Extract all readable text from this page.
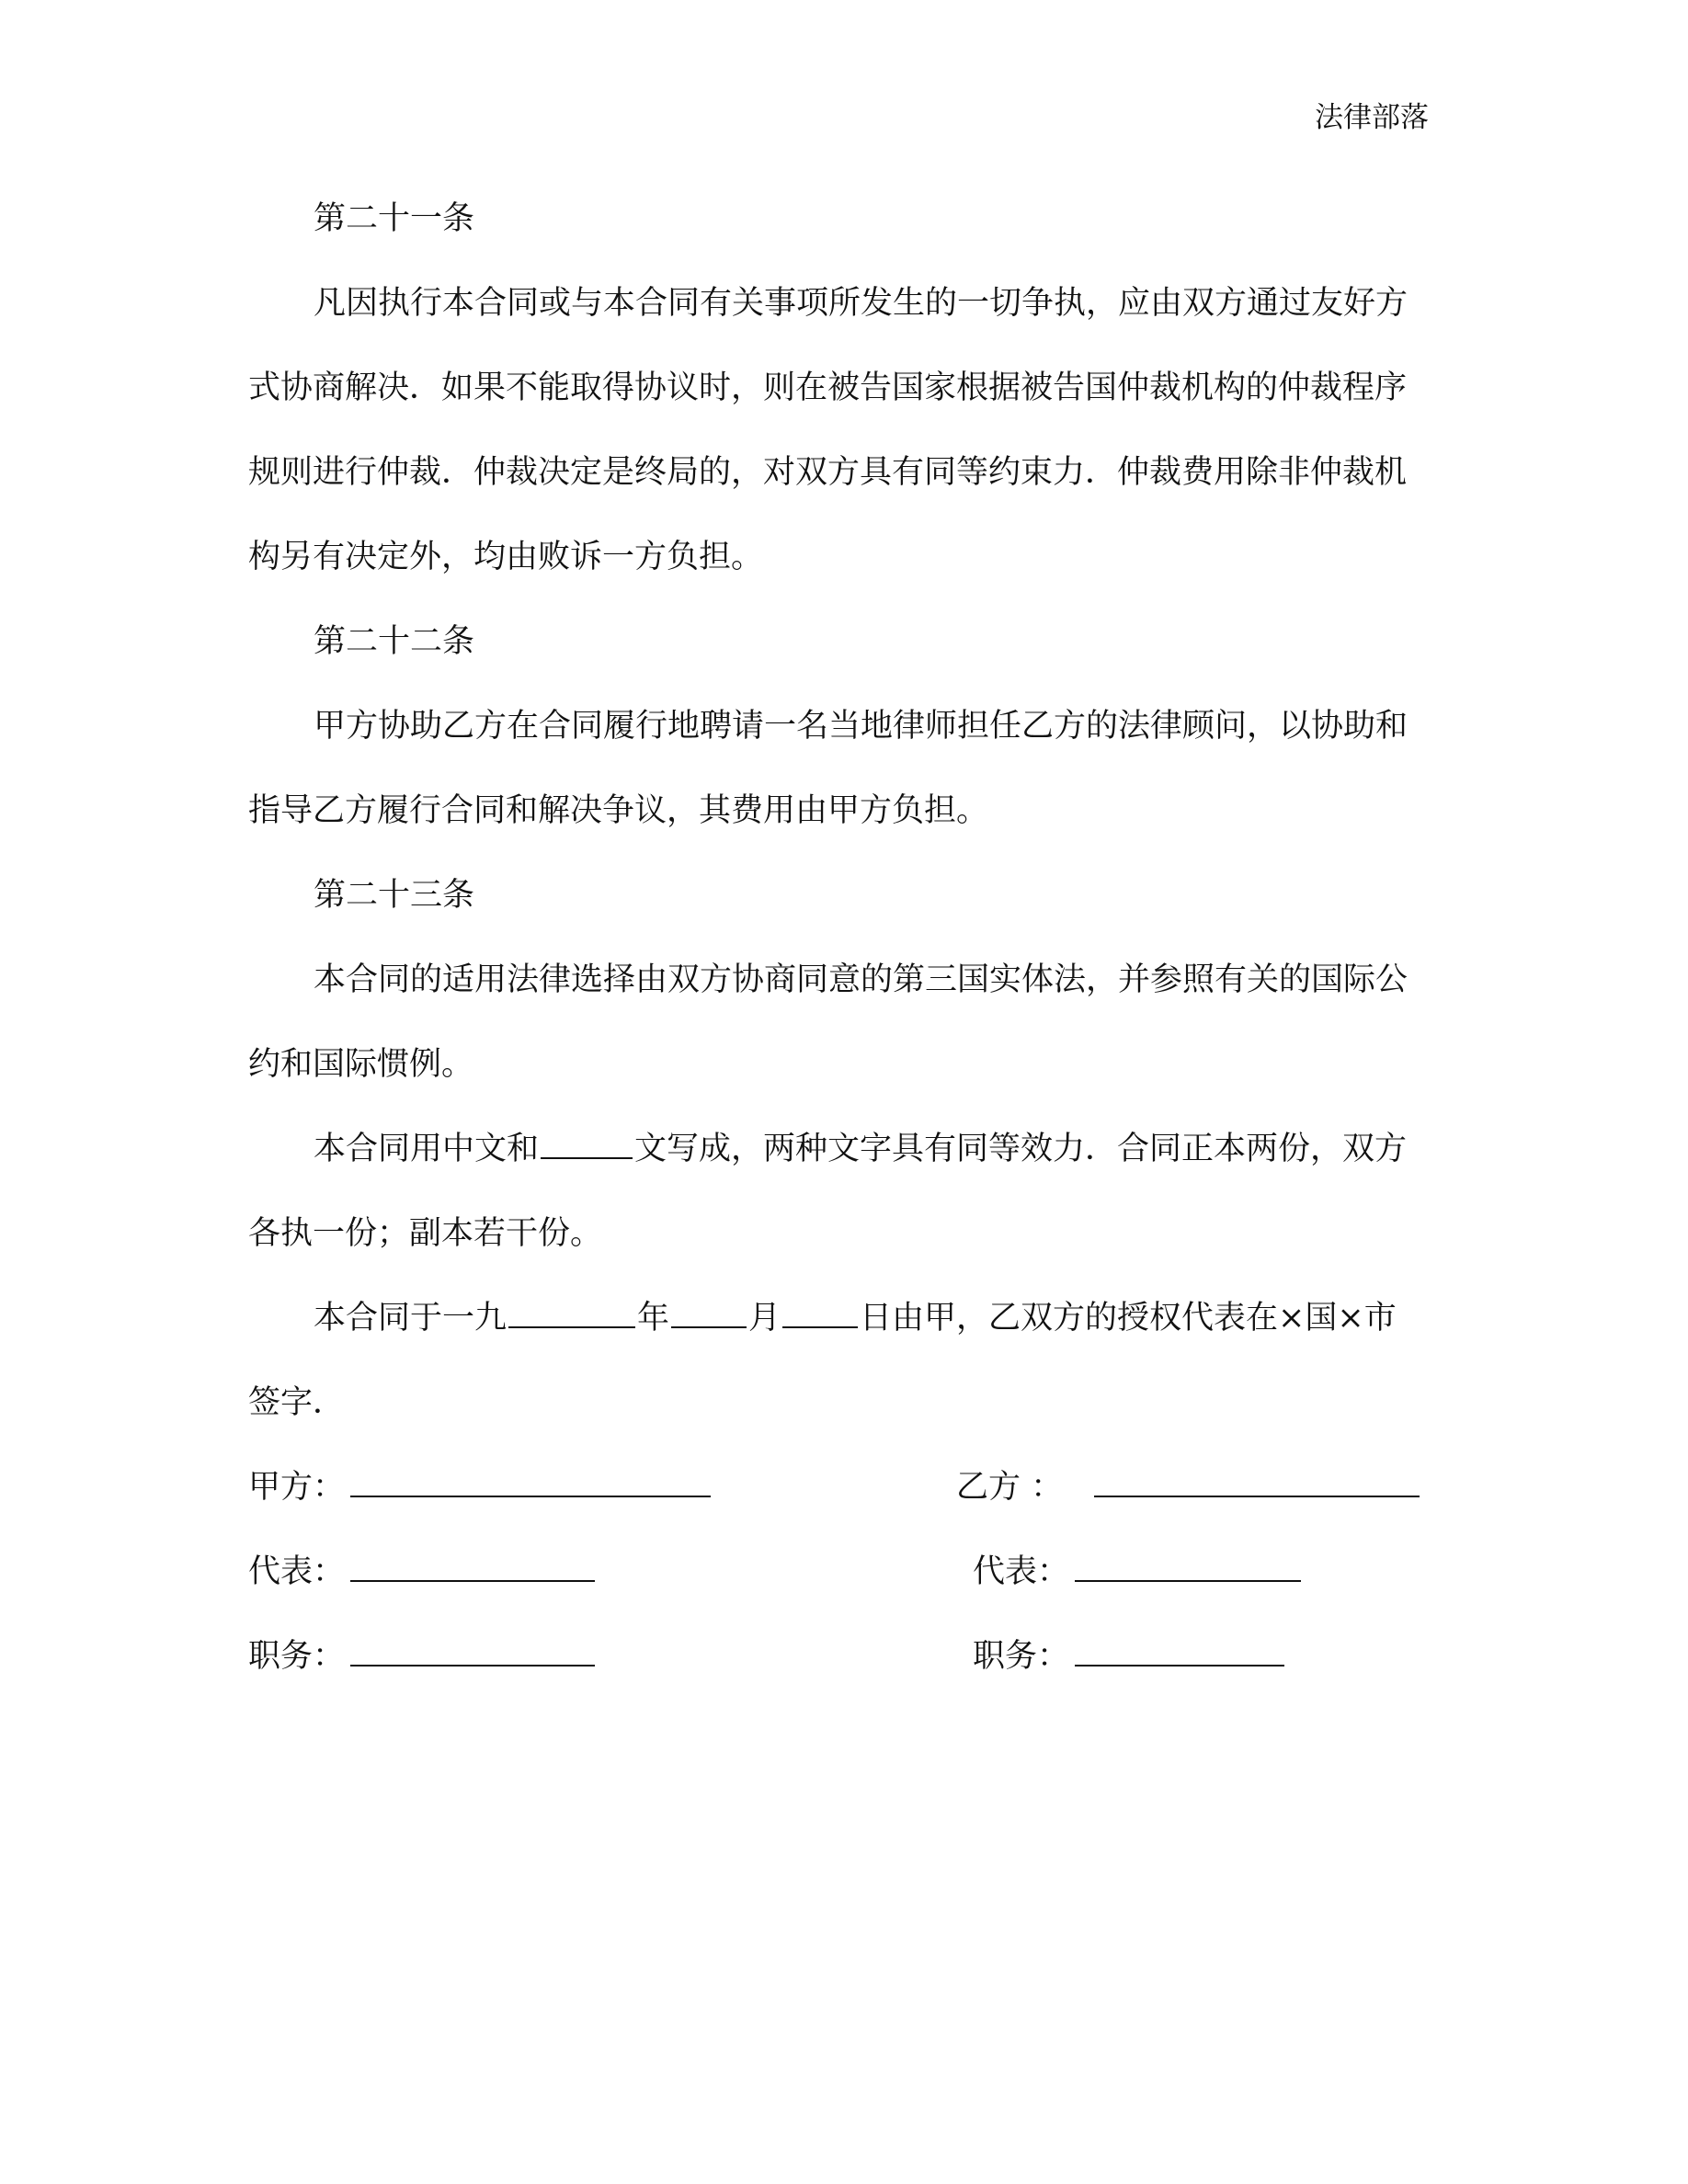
法律部落
第二十一条
凡因执行本合同或与本合同有关事项所发生的一切争执，应由双方通过友好方
式协商解决．如果不能取得协议时，则在被告国家根据被告国仲裁机构的仲裁程序
规则进行仲裁．仲裁决定是终局的，对双方具有同等约束力．仲裁费用除非仲裁机
构另有决定外，均由败诉一方负担。
第二十二条
甲方协助乙方在合同履行地聘请一名当地律师担任乙方的法律顾问，以协助和
指导乙方履行合同和解决争议，其费用由甲方负担。
第二十三条
本合同的适用法律选择由双方协商同意的第三国实体法，并参照有关的国际公
约和国际惯例。
本合同用中文和	文写成，两种文字具有同等效力．合同正本两份，双方
各执一份；副本若干份。
本合同于一九	年 月 日由甲，乙双方的授权代表在×国×市
签字．
甲方：	乙方 ：
代表：	代表：
职务：	职务：
